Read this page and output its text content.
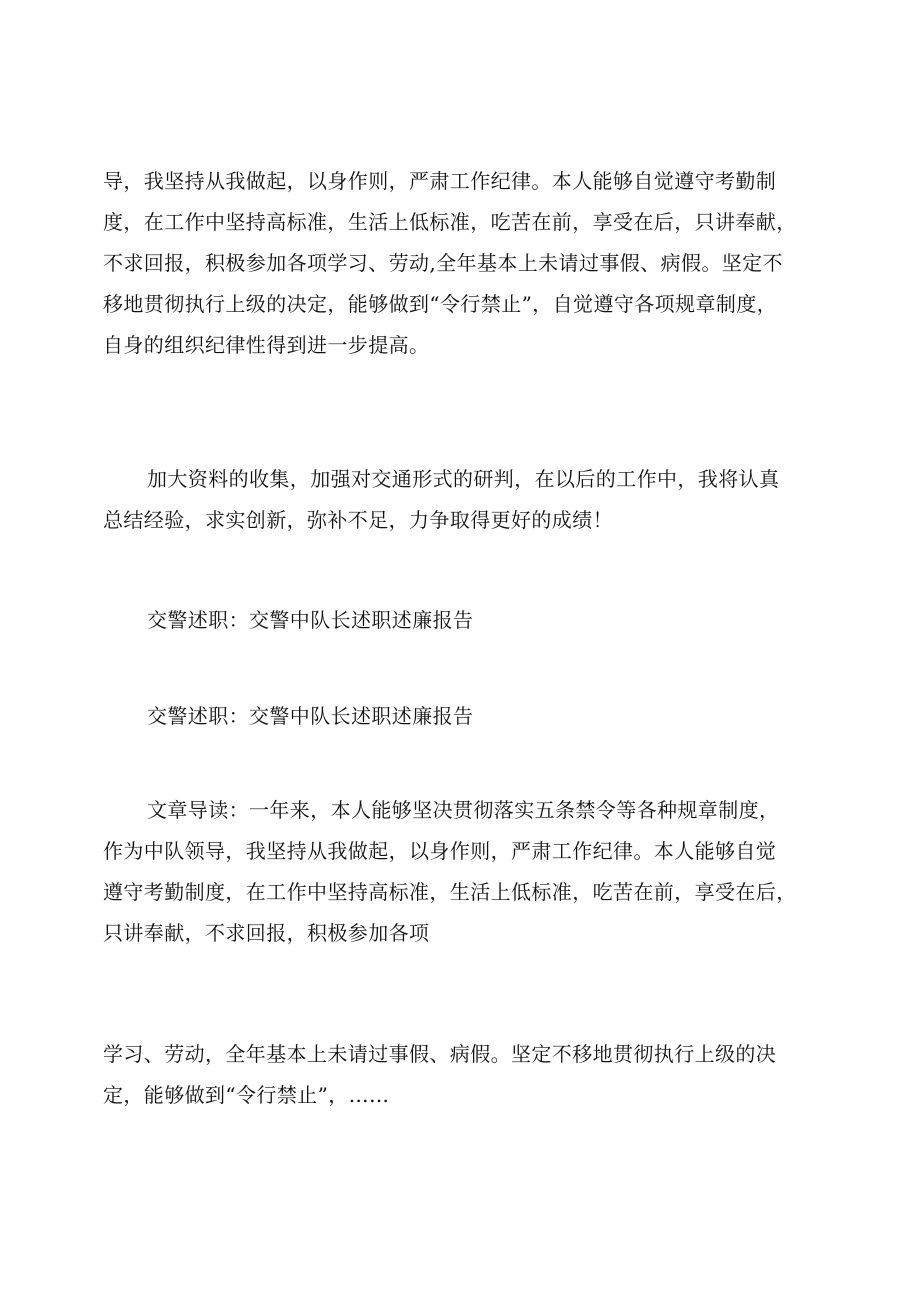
导，我坚持从我做起，以身作则，严肃工作纪律。本人能够自觉遵守考勤制
度，在工作中坚持高标准，生活上低标准，吃苦在前，享受在后，只讲奉献，
不求回报，积极参加各项学习、劳动,全年基本上未请过事假、病假。坚定不
移地贯彻执行上级的决定，能够做到“令行禁止”，自觉遵守各项规章制度，
自身的组织纪律性得到进一步提高。
加大资料的收集，加强对交通形式的研判，在以后的工作中，我将认真
总结经验，求实创新，弥补不足，力争取得更好的成绩！
交警述职：交警中队长述职述廉报告
交警述职：交警中队长述职述廉报告
文章导读：一年来，本人能够坚决贯彻落实五条禁令等各种规章制度，
作为中队领导，我坚持从我做起，以身作则，严肃工作纪律。本人能够自觉
遵守考勤制度，在工作中坚持高标准，生活上低标准，吃苦在前，享受在后，
只讲奉献，不求回报，积极参加各项
学习、劳动，全年基本上未请过事假、病假。坚定不移地贯彻执行上级的决
定，能够做到“令行禁止”，……
